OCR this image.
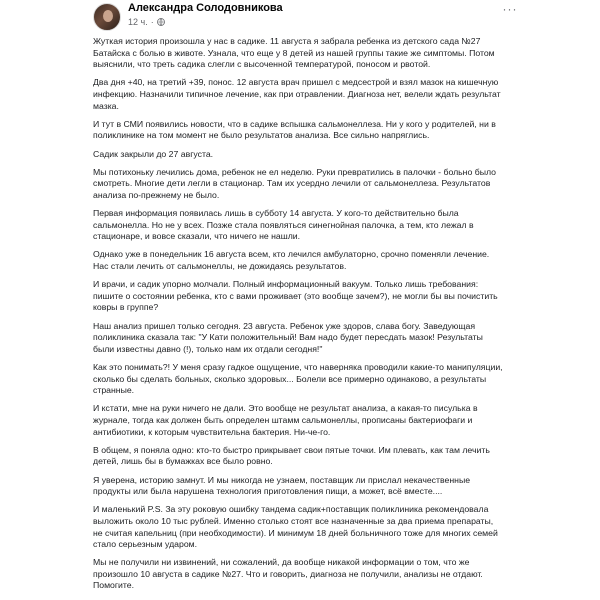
Александра Солодовникова
12 ч. ·
···

Жуткая история произошла у нас в садике. 11 августа я забрала ребенка из детского сада №27 Батайска с болью в животе. Узнала, что еще у 8 детей из нашей группы такие же симптомы. Потом выяснили, что треть садика слегли с высоченной температурой, поносом и рвотой.

Два дня +40, на третий +39, понос. 12 августа врач пришел с медсестрой и взял мазок на кишечную инфекцию. Назначили типичное лечение, как при отравлении. Диагноза нет, велели ждать результат мазка.

И тут в СМИ появились новости, что в садике вспышка сальмонеллеза. Ни у кого у родителей, ни в поликлинике на том момент не было результатов анализа. Все сильно напряглись.

Садик закрыли до 27 августа.

Мы потихоньку лечились дома, ребенок не ел неделю. Руки превратились в палочки - больно было смотреть. Многие дети легли в стационар. Там их усердно лечили от сальмонеллеза. Результатов анализа по-прежнему не было.

Первая информация появилась лишь в субботу 14 августа. У кого-то действительно была сальмонелла. Но не у всех. Позже стала появляться синегнойная палочка, а тем, кто лежал в стационаре, и вовсе сказали, что ничего не нашли.

Однако уже в понедельник 16 августа всем, кто лечился амбулаторно, срочно поменяли лечение. Нас стали лечить от сальмонеллы, не дожидаясь результатов.

И врачи, и садик упорно молчали. Полный информационный вакуум. Только лишь требования: пишите о состоянии ребенка, кто с вами проживает (это вообще зачем?), не могли бы вы почистить ковры в группе?

Наш анализ пришел только сегодня. 23 августа. Ребенок уже здоров, слава богу. Заведующая поликлиника сказала так: "У Кати положительный! Вам надо будет пересдать мазок! Результаты были известны давно (!), только нам их отдали сегодня!"

Как это понимать?! У меня сразу гадкое ощущение, что наверняка проводили какие-то манипуляции, сколько бы сделать больных, сколько здоровых... Болели все примерно одинаково, а результаты странные.

И кстати, мне на руки ничего не дали. Это вообще не результат анализа, а какая-то писулька в журнале, тогда как должен быть определен штамм сальмонеллы, прописаны бактериофаги и антибиотики, к которым чувствительна бактерия. Ни-че-го.

В общем, я поняла одно: кто-то быстро прикрывает свои пятые точки. Им плевать, как там лечить детей, лишь бы в бумажках все было ровно.

Я уверена, историю замнут. И мы никогда не узнаем, поставщик ли прислал некачественные продукты или была нарушена технология приготовления пищи, а может, всё вместе....

И маленький P.S. За эту роковую ошибку тандема садик+поставщик поликлиника рекомендовала выложить около 10 тыс рублей. Именно столько стоят все назначенные за два приема препараты, не считая капельниц (при необходимости). И минимум 18 дней больничного тоже для многих семей стало серьезным ударом.

Мы не получили ни извинений, ни сожалений, да вообще никакой информации о том, что же произошло 10 августа в садике №27. Что и говорить, диагноза не получили, анализы не отдают. Помогите.
